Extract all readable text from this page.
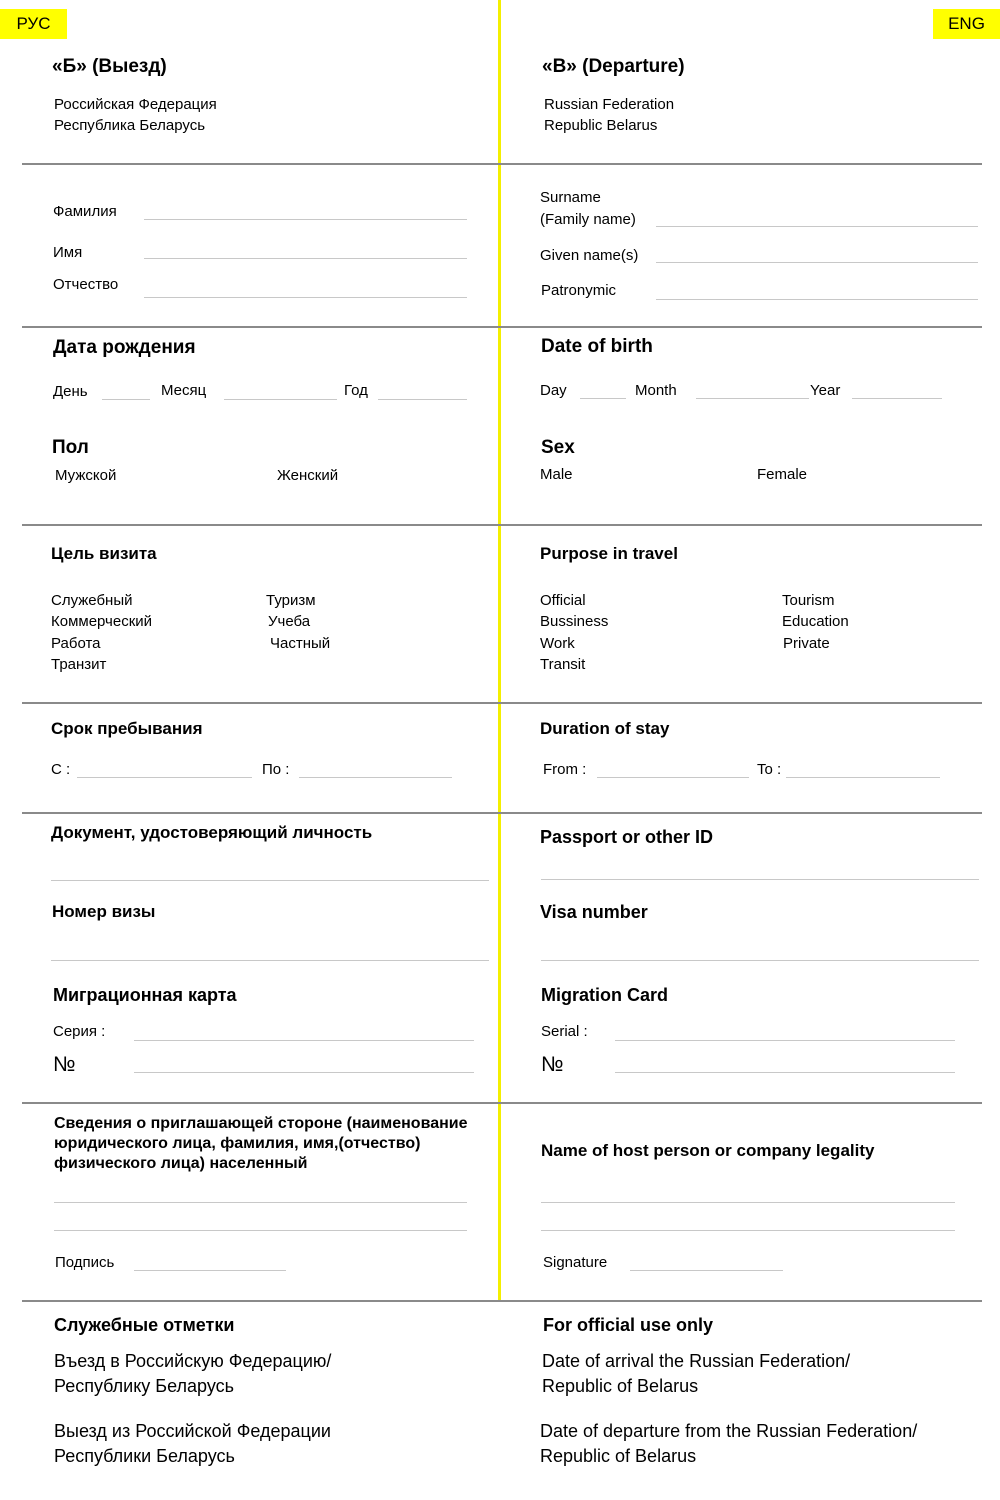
РУС	ENG
«Б» (Выезд)
Российская Федерация
Республика Беларусь
Фамилия
Имя
Отчество
Дата рождения
День	Месяц	Год
Пол
Мужской	Женский
Цель визита
Служебный
Коммерческий
Работа
Транзит
Туризм
Учеба
Частный
Срок пребывания
С :	По :
Документ, удостоверяющий личность
Номер визы
Миграционная карта
Серия :
№
Сведения о приглашающей стороне (наименование юридического лица, фамилия, имя,(отчество) физического лица) населенный
Подпись
Служебные отметки
Въезд в Российскую Федерацию/
Республику Беларусь
Выезд из Российской Федерации
Республики Беларусь
«B» (Departure)
Russian Federation
Republic Belarus
Surname
(Family name)
Given name(s)
Patronymic
Date of birth
Day	Month	Year
Sex
Male	Female
Purpose in travel
Official
Bussiness
Work
Transit
Tourism
Education
Private
Duration of stay
From :	To :
Passport or other ID
Visa number
Migration Card
Serial :
№
Name of host person or company legality
Signature
For official use only
Date of arrival the Russian Federation/
Republic of Belarus
Date of departure from the Russian Federation/
Republic of Belarus
